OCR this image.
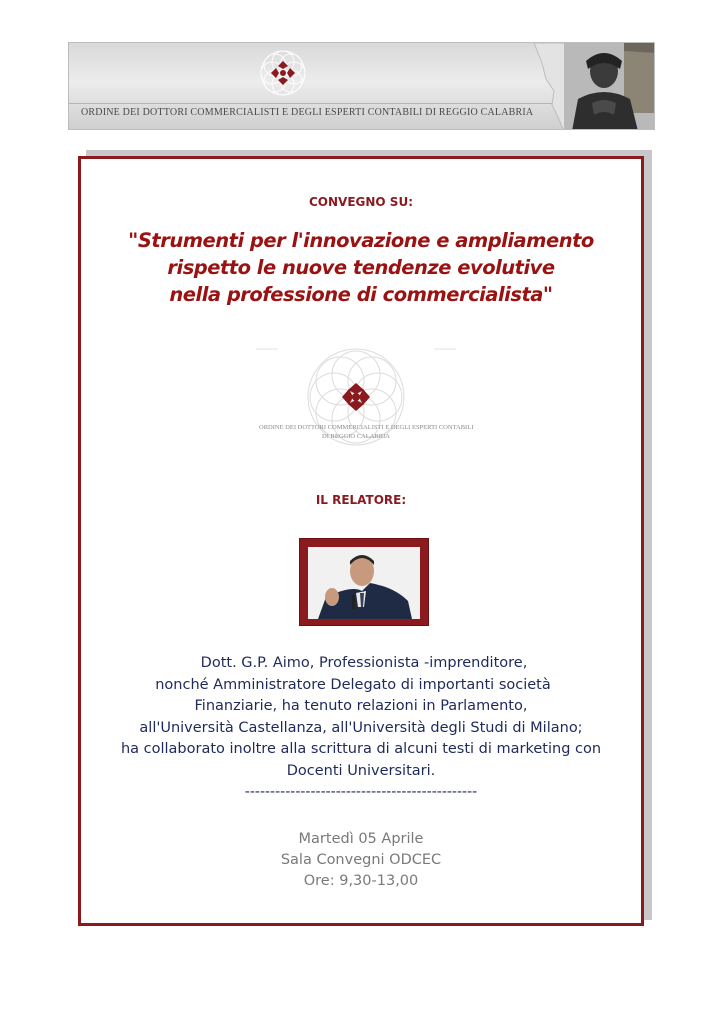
ORDINE DEI DOTTORI COMMERCIALISTI E DEGLI ESPERTI CONTABILI DI REGGIO CALABRIA
CONVEGNO SU:
"Strumenti per l'innovazione e ampliamento
rispetto le nuove tendenze evolutive
nella professione di commercialista"
ORDINE DEI DOTTORI COMMERCIALISTI E DEGLI ESPERTI CONTABILI
DI REGGIO CALABRIA
IL RELATORE:
Dott. G.P. Aimo, Professionista -imprenditore,
nonché Amministratore Delegato di importanti società
Finanziarie, ha tenuto relazioni in Parlamento,
all'Università Castellanza, all'Università degli Studi di Milano;
ha collaborato inoltre alla scrittura di alcuni testi di marketing con
Docenti Universitari.
----------------------------------------------
Martedì 05 Aprile
Sala Convegni ODCEC
Ore: 9,30-13,00
